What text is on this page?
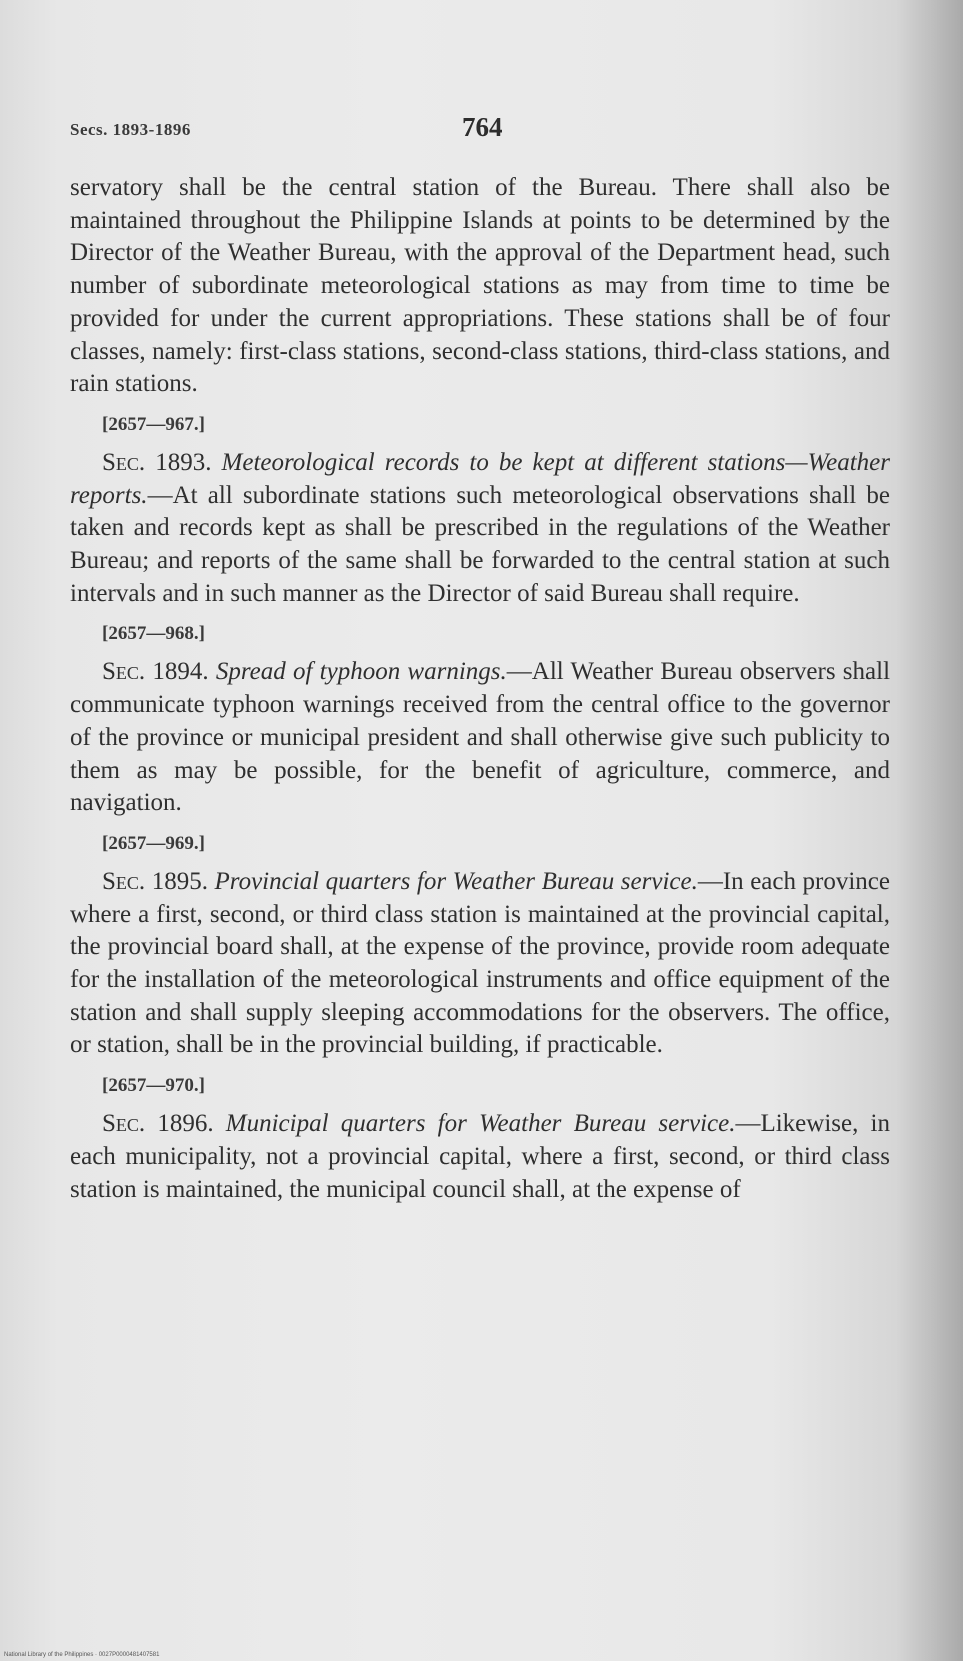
Secs. 1893-1896	764

servatory shall be the central station of the Bureau. There shall also be maintained throughout the Philippine Islands at points to be determined by the Director of the Weather Bureau, with the approval of the Department head, such number of subordinate meteorological stations as may from time to time be provided for under the current appropriations. These stations shall be of four classes, namely: first-class stations, second-class stations, third-class stations, and rain stations.

[2657—967.]

Sec. 1893. Meteorological records to be kept at different stations—Weather reports.—At all subordinate stations such meteorological observations shall be taken and records kept as shall be prescribed in the regulations of the Weather Bureau; and reports of the same shall be forwarded to the central station at such intervals and in such manner as the Director of said Bureau shall require.

[2657—968.]

Sec. 1894. Spread of typhoon warnings.—All Weather Bureau observers shall communicate typhoon warnings received from the central office to the governor of the province or municipal president and shall otherwise give such publicity to them as may be possible, for the benefit of agriculture, commerce, and navigation.

[2657—969.]

Sec. 1895. Provincial quarters for Weather Bureau service.—In each province where a first, second, or third class station is maintained at the provincial capital, the provincial board shall, at the expense of the province, provide room adequate for the installation of the meteorological instruments and office equipment of the station and shall supply sleeping accommodations for the observers. The office, or station, shall be in the provincial building, if practicable.

[2657—970.]

Sec. 1896. Municipal quarters for Weather Bureau service.—Likewise, in each municipality, not a provincial capital, where a first, second, or third class station is maintained, the municipal council shall, at the expense of

National Library of the Philippines · 0027P0000481407581
